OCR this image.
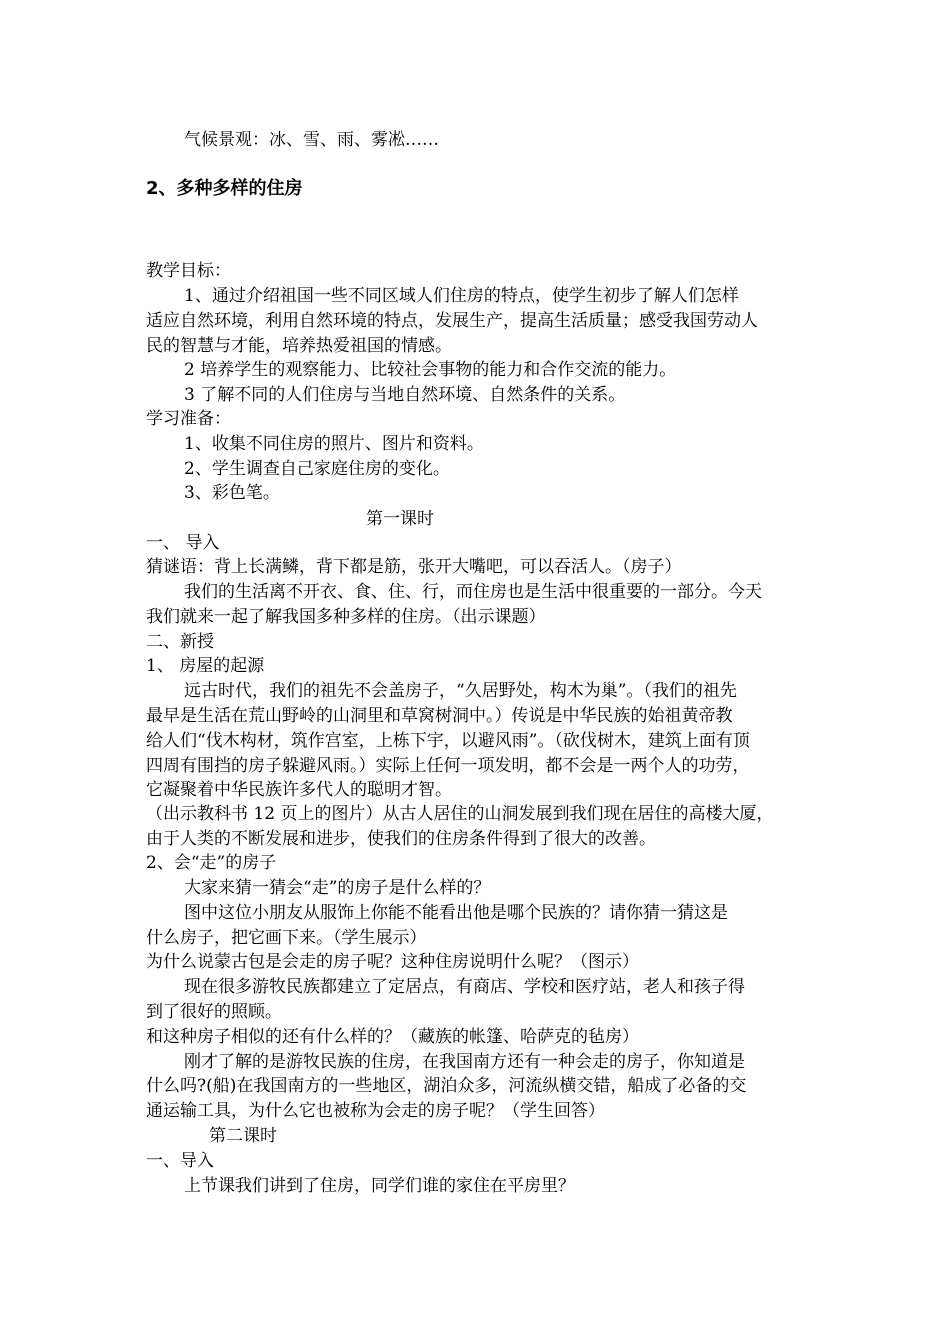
气候景观：冰、雪、雨、雾凇……
2、多种多样的住房
教学目标：
1、通过介绍祖国一些不同区域人们住房的特点，使学生初步了解人们怎样
适应自然环境，利用自然环境的特点，发展生产，提高生活质量；感受我国劳动人
民的智慧与才能，培养热爱祖国的情感。
2 培养学生的观察能力、比较社会事物的能力和合作交流的能力。
3 了解不同的人们住房与当地自然环境、自然条件的关系。
学习准备：
1、收集不同住房的照片、图片和资料。
2、学生调查自己家庭住房的变化。
3、彩色笔。
第一课时
一、 导入
猜谜语：背上长满鳞，背下都是筋，张开大嘴吧，可以吞活人。（房子）
我们的生活离不开衣、食、住、行，而住房也是生活中很重要的一部分。今天
我们就来一起了解我国多种多样的住房。（出示课题）
二、新授
1、 房屋的起源
远古时代，我们的祖先不会盖房子，“久居野处，构木为巢”。（我们的祖先
最早是生活在荒山野岭的山洞里和草窝树洞中。）传说是中华民族的始祖黄帝教
给人们“伐木构材，筑作宫室，上栋下宇，以避风雨”。（砍伐树木，建筑上面有顶
四周有围挡的房子躲避风雨。）实际上任何一项发明，都不会是一两个人的功劳，
它凝聚着中华民族许多代人的聪明才智。
（出示教科书 12 页上的图片）从古人居住的山洞发展到我们现在居住的高楼大厦，
由于人类的不断发展和进步，使我们的住房条件得到了很大的改善。
2、会“走”的房子
大家来猜一猜会“走”的房子是什么样的？
图中这位小朋友从服饰上你能不能看出他是哪个民族的？请你猜一猜这是
什么房子，把它画下来。（学生展示）
为什么说蒙古包是会走的房子呢？这种住房说明什么呢？（图示）
现在很多游牧民族都建立了定居点，有商店、学校和医疗站，老人和孩子得
到了很好的照顾。
和这种房子相似的还有什么样的？（藏族的帐篷、哈萨克的毡房）
刚才了解的是游牧民族的住房，在我国南方还有一种会走的房子，你知道是
什么吗?(船)在我国南方的一些地区，湖泊众多，河流纵横交错，船成了必备的交
通运输工具，为什么它也被称为会走的房子呢？（学生回答）
第二课时
一、导入
上节课我们讲到了住房，同学们谁的家住在平房里？
